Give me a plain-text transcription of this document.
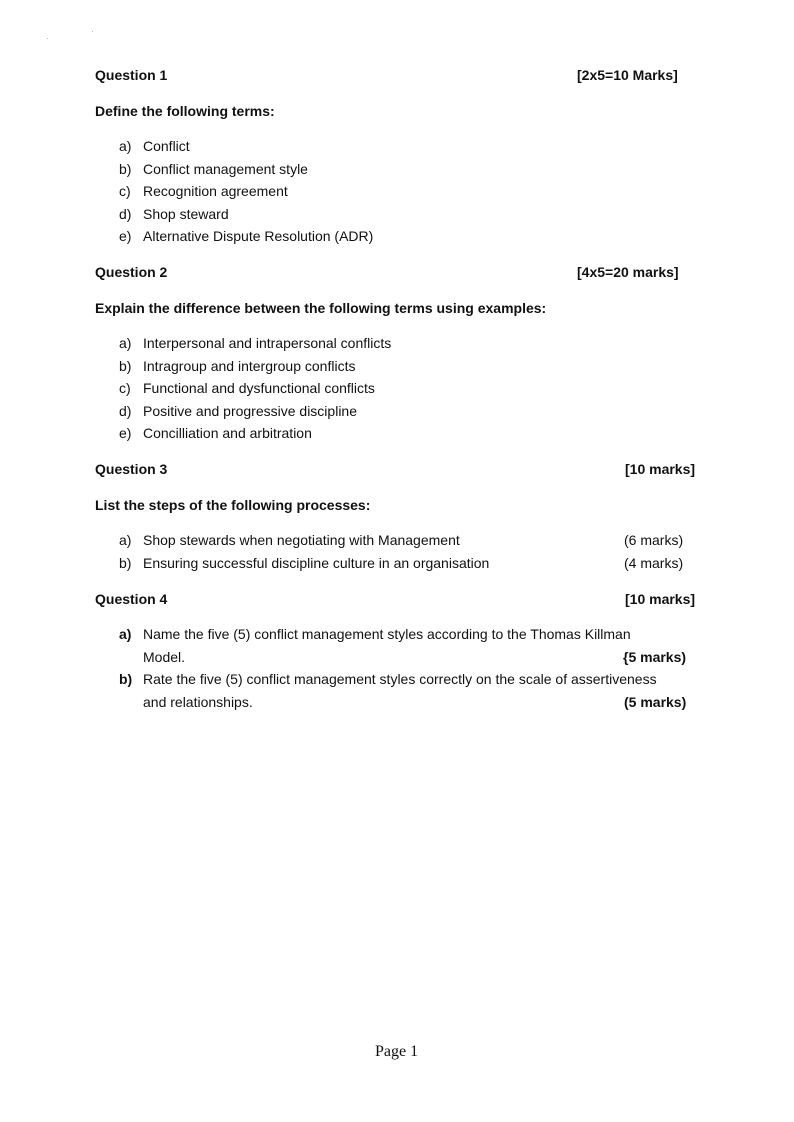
Question 1	[2x5=10 Marks]
Define the following terms:
a) Conflict
b) Conflict management style
c) Recognition agreement
d) Shop steward
e) Alternative Dispute Resolution (ADR)
Question 2	[4x5=20 marks]
Explain the difference between the following terms using examples:
a) Interpersonal and intrapersonal conflicts
b) Intragroup and intergroup conflicts
c) Functional and dysfunctional conflicts
d) Positive and progressive discipline
e) Concilliation and arbitration
Question 3	[10 marks]
List the steps of the following processes:
a) Shop stewards when negotiating with Management	(6 marks)
b) Ensuring successful discipline culture in an organisation	(4 marks)
Question 4	[10 marks]
a) Name the five (5) conflict management styles according to the Thomas Killman
Model.	{5 marks)
b) Rate the five (5) conflict management styles correctly on the scale of assertiveness
and relationships.	(5 marks)
Page 1
